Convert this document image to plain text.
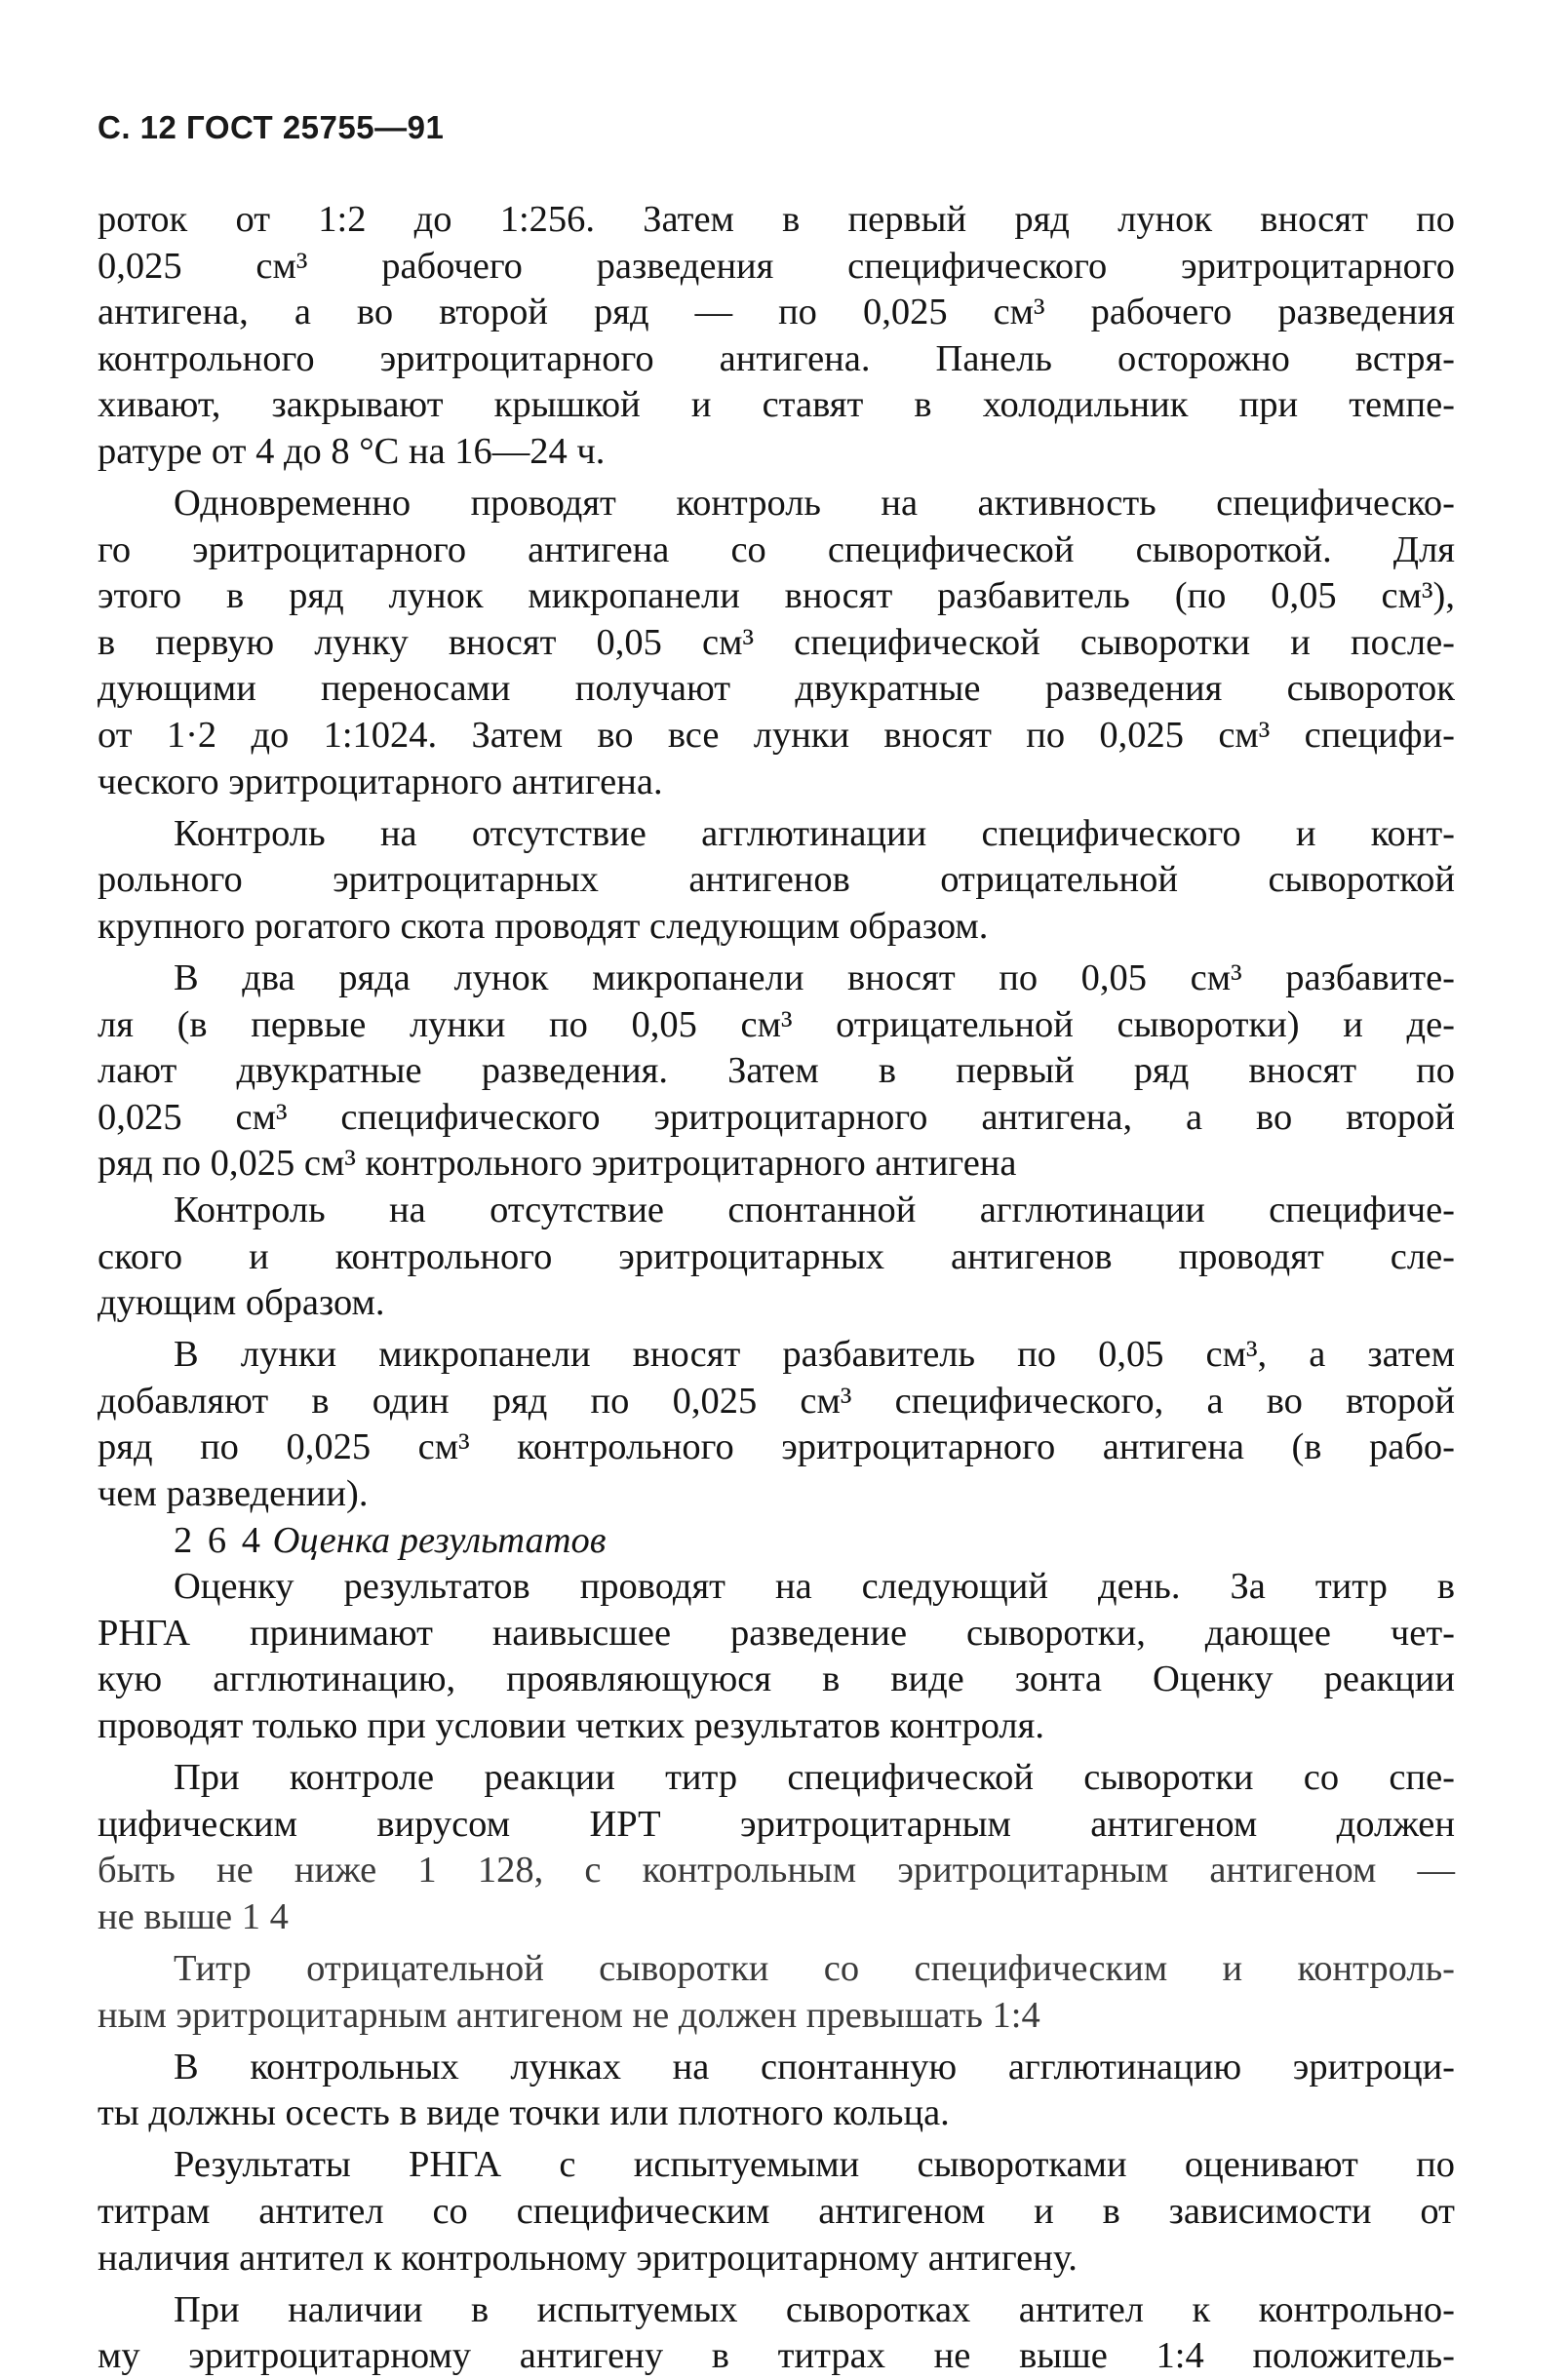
С. 12 ГОСТ 25755—91
роток от 1:2 до 1:256. Затем в первый ряд лунок вносят по
0,025 см³ рабочего разведения специфического эритроцитарного
антигена, а во второй ряд — по 0,025 см³ рабочего разведения
контрольного эритроцитарного антигена. Панель осторожно встря-
хивают, закрывают крышкой и ставят в холодильник при темпе-
ратуре от 4 до 8 °С на 16—24 ч.
Одновременно проводят контроль на активность специфическо-
го эритроцитарного антигена со специфической сывороткой. Для
этого в ряд лунок микропанели вносят разбавитель (по 0,05 см³),
в первую лунку вносят 0,05 см³ специфической сыворотки и после-
дующими переносами получают двукратные разведения сывороток
от 1·2 до 1:1024. Затем во все лунки вносят по 0,025 см³ специфи-
ческого эритроцитарного антигена.
Контроль на отсутствие агглютинации специфического и конт-
рольного эритроцитарных антигенов отрицательной сывороткой
крупного рогатого скота проводят следующим образом.
В два ряда лунок микропанели вносят по 0,05 см³ разбавите-
ля (в первые лунки по 0,05 см³ отрицательной сыворотки) и де-
лают двукратные разведения. Затем в первый ряд вносят по
0,025 см³ специфического эритроцитарного антигена, а во второй
ряд по 0,025 см³ контрольного эритроцитарного антигена
Контроль на отсутствие спонтанной агглютинации специфиче-
ского и контрольного эритроцитарных антигенов проводят сле-
дующим образом.
В лунки микропанели вносят разбавитель по 0,05 см³, а затем
добавляют в один ряд по 0,025 см³ специфического, а во второй
ряд по 0,025 см³ контрольного эритроцитарного антигена (в рабо-
чем разведении).
2 6 4 Оценка результатов
Оценку результатов проводят на следующий день. За титр в
РНГА принимают наивысшее разведение сыворотки, дающее чет-
кую агглютинацию, проявляющуюся в виде зонта Оценку реакции
проводят только при условии четких результатов контроля.
При контроле реакции титр специфической сыворотки со спе-
цифическим вирусом ИРТ эритроцитарным антигеном должен
быть не ниже 1 128, с контрольным эритроцитарным антигеном —
не выше 1 4
Титр отрицательной сыворотки со специфическим и контроль-
ным эритроцитарным антигеном не должен превышать 1:4
В контрольных лунках на спонтанную агглютинацию эритроци-
ты должны осесть в виде точки или плотного кольца.
Результаты РНГА с испытуемыми сыворотками оценивают по
титрам антител со специфическим антигеном и в зависимости от
наличия антител к контрольному эритроцитарному антигену.
При наличии в испытуемых сыворотках антител к контрольно-
му эритроцитарному антигену в титрах не выше 1:4 положитель-
